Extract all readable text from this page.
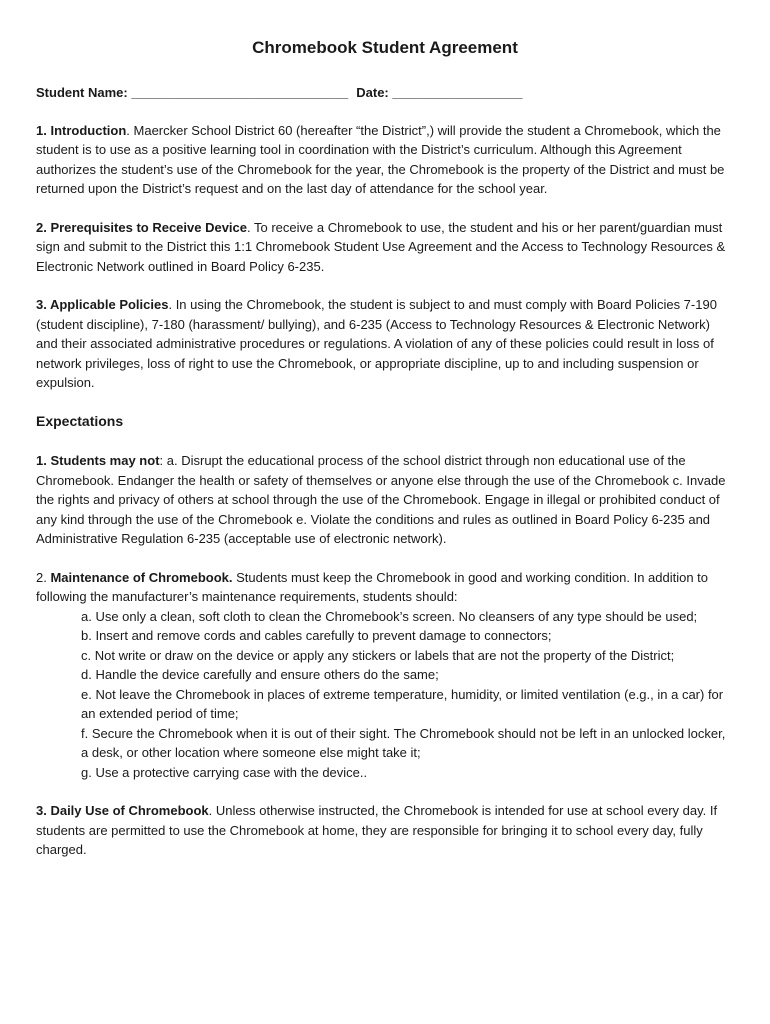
Chromebook Student Agreement
Student Name: ______________________________ Date: __________________

1. Introduction. Maercker School District 60 (hereafter “the District”,) will provide the student a Chromebook, which the student is to use as a positive learning tool in coordination with the District’s curriculum. Although this Agreement authorizes the student’s use of the Chromebook for the year, the Chromebook is the property of the District and must be returned upon the District’s request and on the last day of attendance for the school year.

2. Prerequisites to Receive Device. To receive a Chromebook to use, the student and his or her parent/guardian must sign and submit to the District this 1:1 Chromebook Student Use Agreement and the Access to Technology Resources & Electronic Network outlined in Board Policy 6-235.

3. Applicable Policies. In using the Chromebook, the student is subject to and must comply with Board Policies 7-190 (student discipline), 7-180 (harassment/ bullying), and 6-235 (Access to Technology Resources & Electronic Network) and their associated administrative procedures or regulations. A violation of any of these policies could result in loss of network privileges, loss of right to use the Chromebook, or appropriate discipline, up to and including suspension or expulsion.

Expectations

1. Students may not: a. Disrupt the educational process of the school district through non educational use of the Chromebook. Endanger the health or safety of themselves or anyone else through the use of the Chromebook c. Invade the rights and privacy of others at school through the use of the Chromebook. Engage in illegal or prohibited conduct of any kind through the use of the Chromebook e. Violate the conditions and rules as outlined in Board Policy 6-235 and Administrative Regulation 6-235 (acceptable use of electronic network).

2. Maintenance of Chromebook. Students must keep the Chromebook in good and working condition. In addition to following the manufacturer’s maintenance requirements, students should:
a. Use only a clean, soft cloth to clean the Chromebook’s screen. No cleansers of any type should be used;
b. Insert and remove cords and cables carefully to prevent damage to connectors;
c. Not write or draw on the device or apply any stickers or labels that are not the property of the District;
d. Handle the device carefully and ensure others do the same;
e. Not leave the Chromebook in places of extreme temperature, humidity, or limited ventilation (e.g., in a car) for an extended period of time;
f. Secure the Chromebook when it is out of their sight. The Chromebook should not be left in an unlocked locker, a desk, or other location where someone else might take it;
g. Use a protective carrying case with the device..

3. Daily Use of Chromebook. Unless otherwise instructed, the Chromebook is intended for use at school every day. If students are permitted to use the Chromebook at home, they are responsible for bringing it to school every day, fully charged.
